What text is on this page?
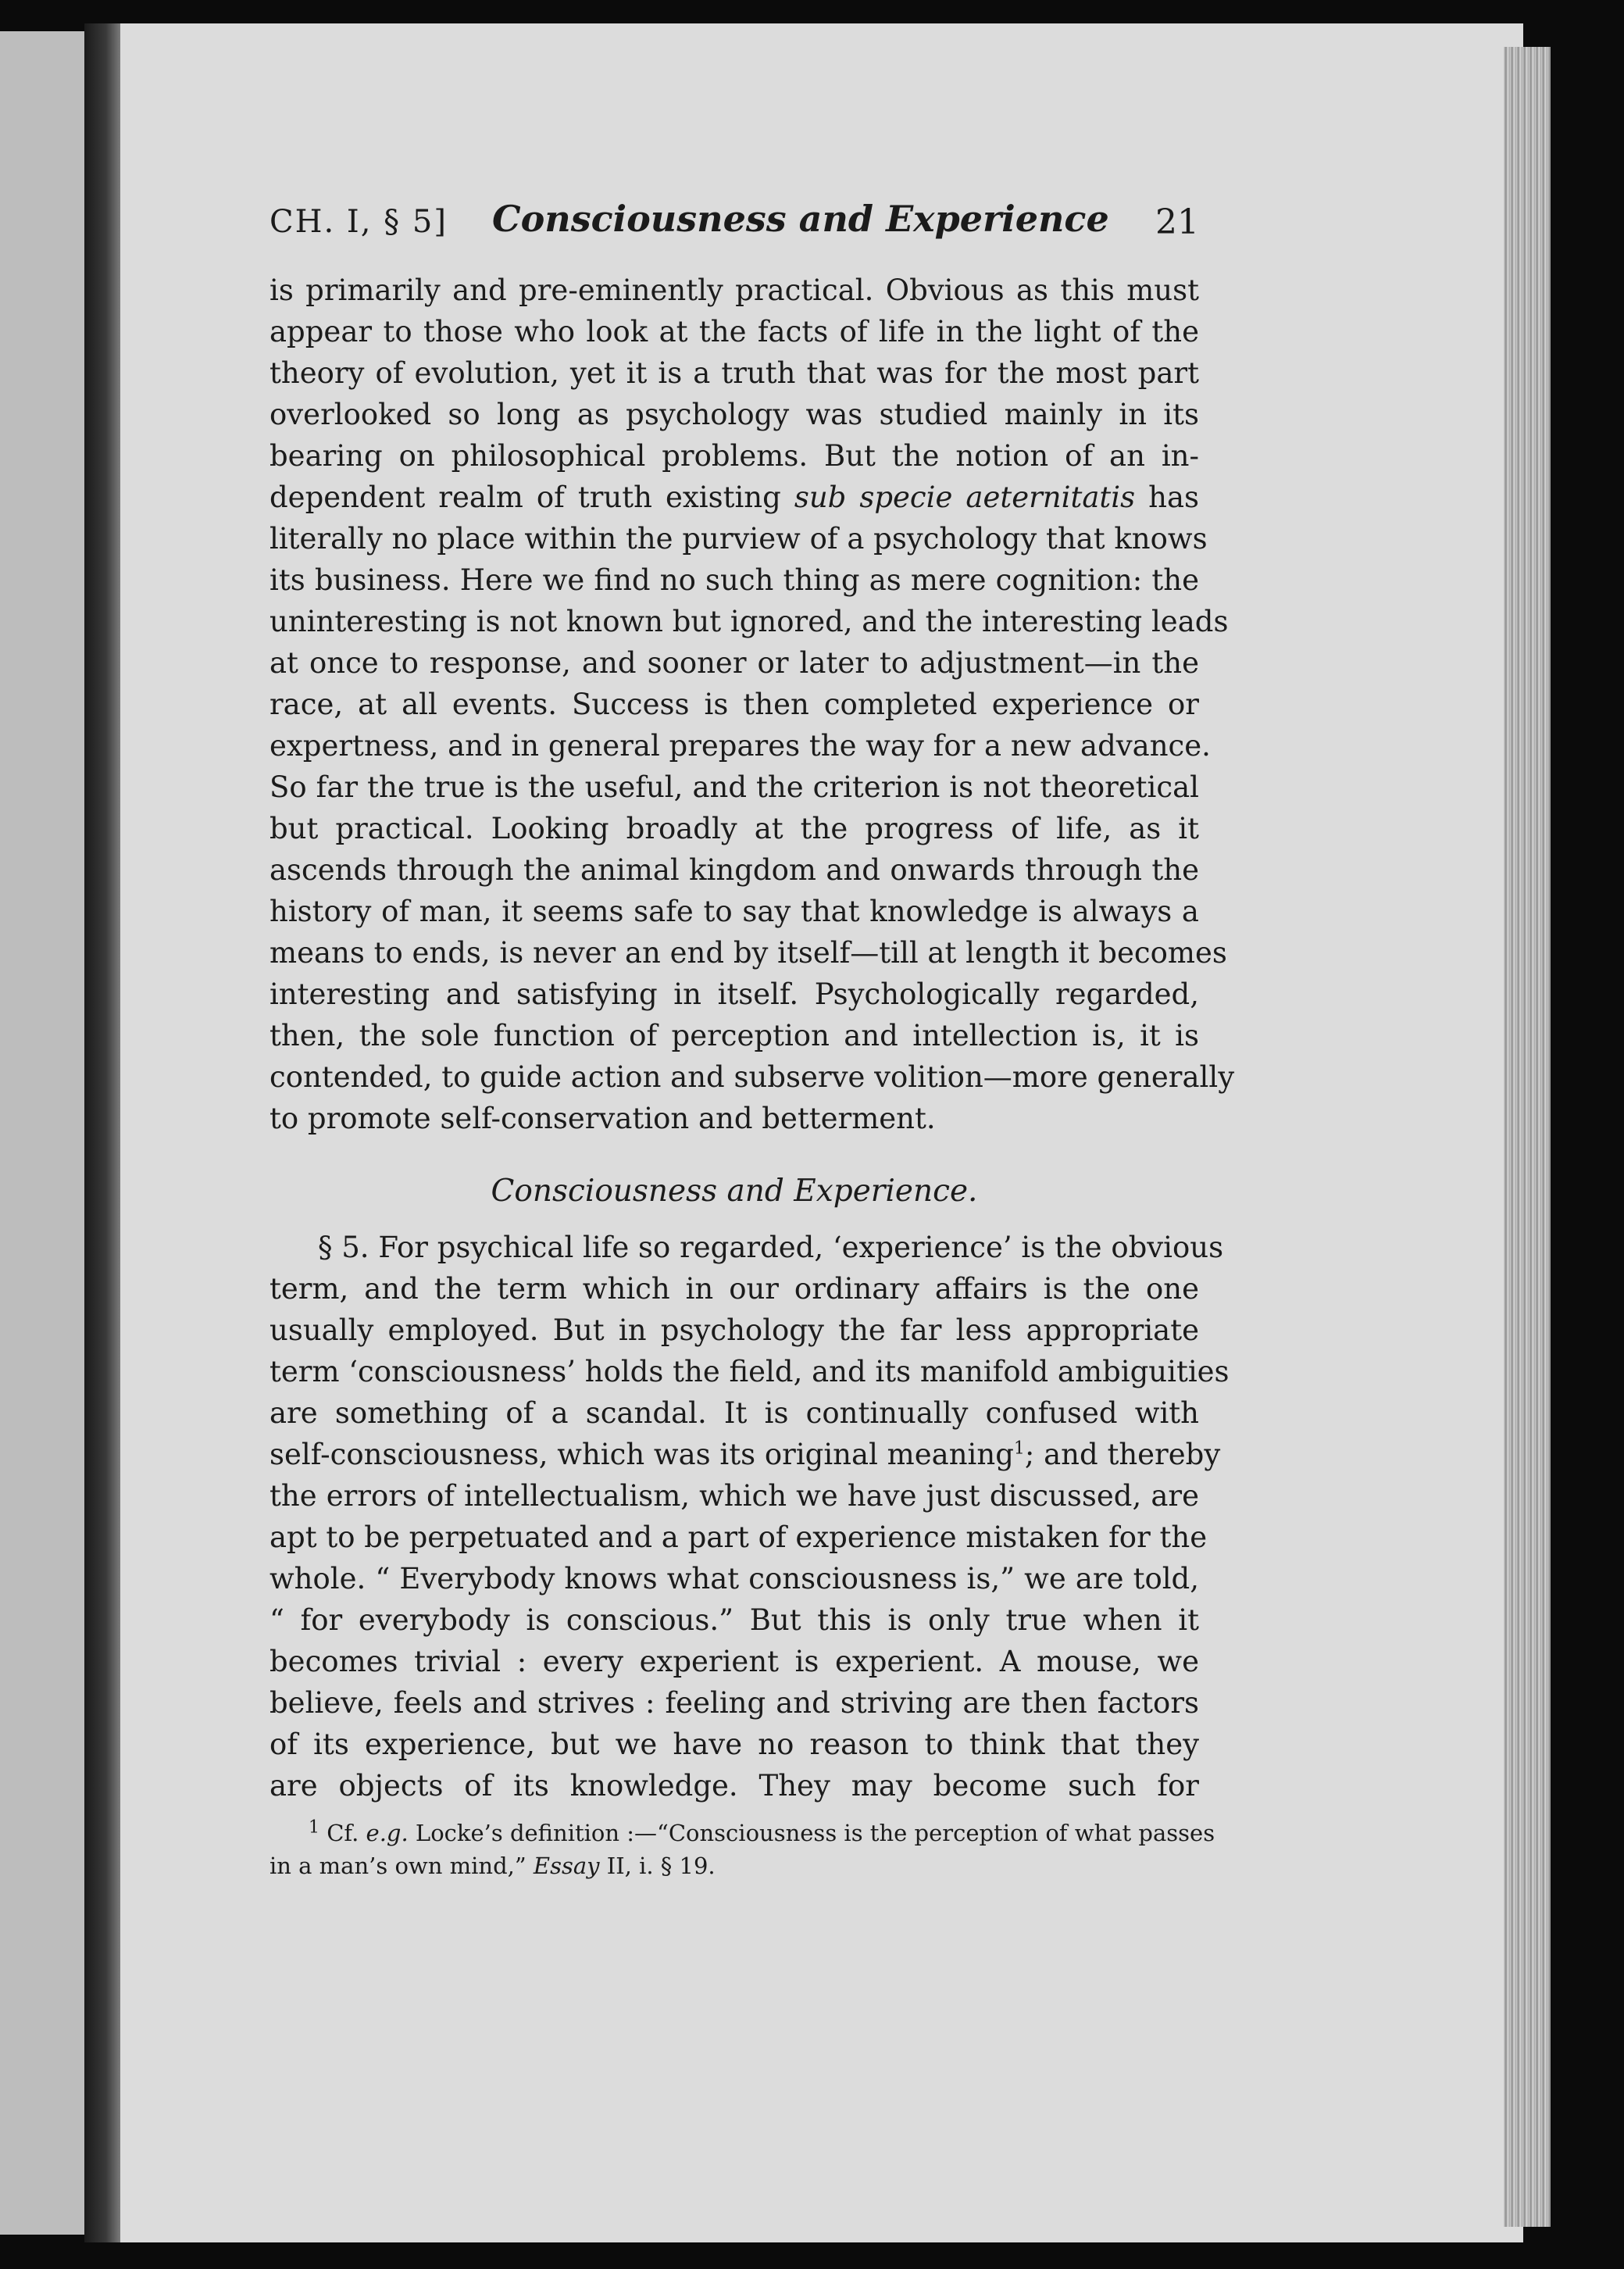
CH. I, § 5] Consciousness and Experience 21
is primarily and pre-eminently practical. Obvious as this must
appear to those who look at the facts of life in the light of the
theory of evolution, yet it is a truth that was for the most part
overlooked so long as psychology was studied mainly in its
bearing on philosophical problems. But the notion of an in-
dependent realm of truth existing sub specie aeternitatis has
literally no place within the purview of a psychology that knows
its business. Here we find no such thing as mere cognition: the
uninteresting is not known but ignored, and the interesting leads
at once to response, and sooner or later to adjustment—in the
race, at all events. Success is then completed experience or
expertness, and in general prepares the way for a new advance.
So far the true is the useful, and the criterion is not theoretical
but practical. Looking broadly at the progress of life, as it
ascends through the animal kingdom and onwards through the
history of man, it seems safe to say that knowledge is always a
means to ends, is never an end by itself—till at length it becomes
interesting and satisfying in itself. Psychologically regarded,
then, the sole function of perception and intellection is, it is
contended, to guide action and subserve volition—more generally
to promote self-conservation and betterment.
Consciousness and Experience.
§ 5. For psychical life so regarded, ‘experience’ is the obvious
term, and the term which in our ordinary affairs is the one
usually employed. But in psychology the far less appropriate
term ‘consciousness’ holds the field, and its manifold ambiguities
are something of a scandal. It is continually confused with
self-consciousness, which was its original meaning$^1$; and thereby
the errors of intellectualism, which we have just discussed, are
apt to be perpetuated and a part of experience mistaken for the
whole. “ Everybody knows what consciousness is,” we are told,
“ for everybody is conscious.” But this is only true when it
becomes trivial : every experient is experient. A mouse, we
believe, feels and strives : feeling and striving are then factors
of its experience, but we have no reason to think that they
are objects of its knowledge. They may become such for
$^1$ Cf. e.g. Locke’s definition :—“Consciousness is the perception of what passes
in a man’s own mind,” Essay II, i. § 19.
